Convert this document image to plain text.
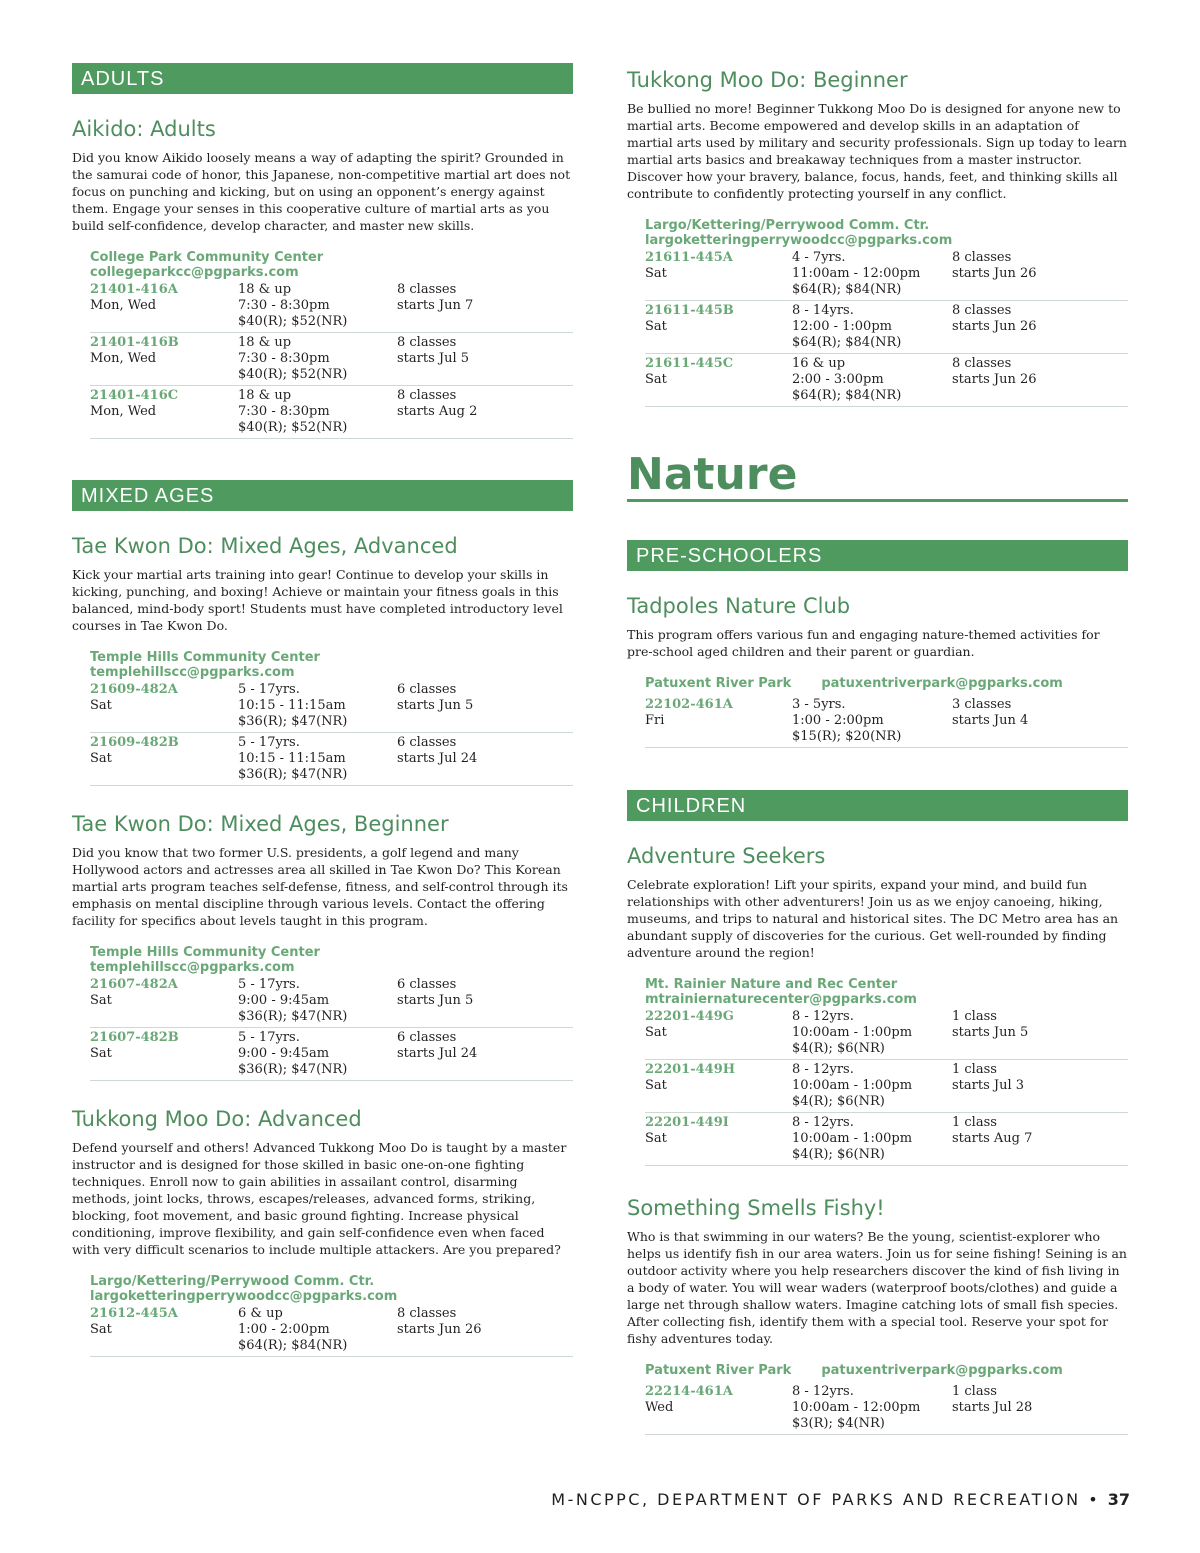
ADULTS
Aikido: Adults

Did you know Aikido loosely means a way of adapting the spirit? Grounded in the samurai code of honor, this Japanese, non-competitive martial art does not focus on punching and kicking, but on using an opponent’s energy against them. Engage your senses in this cooperative culture of martial arts as you build self-confidence, develop character, and master new skills.

College Park Community Center
collegeparkcc@pgparks.com
21401-416A
Mon, Wed
18 & up
7:30 - 8:30pm
$40(R); $52(NR)
8 classes
starts Jun 7
21401-416B
Mon, Wed
18 & up
7:30 - 8:30pm
$40(R); $52(NR)
8 classes
starts Jul 5
21401-416C
Mon, Wed
18 & up
7:30 - 8:30pm
$40(R); $52(NR)
8 classes
starts Aug 2
MIXED AGES
Tae Kwon Do: Mixed Ages, Advanced

Kick your martial arts training into gear! Continue to develop your skills in kicking, punching, and boxing! Achieve or maintain your fitness goals in this balanced, mind-body sport! Students must have completed introductory level courses in Tae Kwon Do.

Temple Hills Community Center
templehillscc@pgparks.com
21609-482A
Sat
5 - 17yrs.
10:15 - 11:15am
$36(R); $47(NR)
6 classes
starts Jun 5
21609-482B
Sat
5 - 17yrs.
10:15 - 11:15am
$36(R); $47(NR)
6 classes
starts Jul 24
Tae Kwon Do: Mixed Ages, Beginner

Did you know that two former U.S. presidents, a golf legend and many Hollywood actors and actresses area all skilled in Tae Kwon Do? This Korean martial arts program teaches self-defense, fitness, and self-control through its emphasis on mental discipline through various levels. Contact the offering facility for specifics about levels taught in this program.

Temple Hills Community Center
templehillscc@pgparks.com
21607-482A
Sat
5 - 17yrs.
9:00 - 9:45am
$36(R); $47(NR)
6 classes
starts Jun 5
21607-482B
Sat
5 - 17yrs.
9:00 - 9:45am
$36(R); $47(NR)
6 classes
starts Jul 24
Tukkong Moo Do: Advanced

Defend yourself and others! Advanced Tukkong Moo Do is taught by a master instructor and is designed for those skilled in basic one-on-one fighting techniques. Enroll now to gain abilities in assailant control, disarming methods, joint locks, throws, escapes/releases, advanced forms, striking, blocking, foot movement, and basic ground fighting. Increase physical conditioning, improve flexibility, and gain self-confidence even when faced with very difficult scenarios to include multiple attackers. Are you prepared?

Largo/Kettering/Perrywood Comm. Ctr.
largoketteringperrywoodcc@pgparks.com
21612-445A
Sat
6 & up
1:00 - 2:00pm
$64(R); $84(NR)
8 classes
starts Jun 26
Tukkong Moo Do: Beginner

Be bullied no more! Beginner Tukkong Moo Do is designed for anyone new to martial arts. Become empowered and develop skills in an adaptation of martial arts used by military and security professionals. Sign up today to learn martial arts basics and breakaway techniques from a master instructor. Discover how your bravery, balance, focus, hands, feet, and thinking skills all contribute to confidently protecting yourself in any conflict.

Largo/Kettering/Perrywood Comm. Ctr.
largoketteringperrywoodcc@pgparks.com
21611-445A
Sat
4 - 7yrs.
11:00am - 12:00pm
$64(R); $84(NR)
8 classes
starts Jun 26
21611-445B
Sat
8 - 14yrs.
12:00 - 1:00pm
$64(R); $84(NR)
8 classes
starts Jun 26
21611-445C
Sat
16 & up
2:00 - 3:00pm
$64(R); $84(NR)
8 classes
starts Jun 26
Nature
PRE-SCHOOLERS
Tadpoles Nature Club

This program offers various fun and engaging nature-themed activities for pre-school aged children and their parent or guardian.

Patuxent River Park patuxentriverpark@pgparks.com
22102-461A
Fri
3 - 5yrs.
1:00 - 2:00pm
$15(R); $20(NR)
3 classes
starts Jun 4
CHILDREN
Adventure Seekers

Celebrate exploration! Lift your spirits, expand your mind, and build fun relationships with other adventurers! Join us as we enjoy canoeing, hiking, museums, and trips to natural and historical sites. The DC Metro area has an abundant supply of discoveries for the curious. Get well-rounded by finding adventure around the region!

Mt. Rainier Nature and Rec Center
mtrainiernaturecenter@pgparks.com
22201-449G
Sat
8 - 12yrs.
10:00am - 1:00pm
$4(R); $6(NR)
1 class
starts Jun 5
22201-449H
Sat
8 - 12yrs.
10:00am - 1:00pm
$4(R); $6(NR)
1 class
starts Jul 3
22201-449I
Sat
8 - 12yrs.
10:00am - 1:00pm
$4(R); $6(NR)
1 class
starts Aug 7
Something Smells Fishy!

Who is that swimming in our waters? Be the young, scientist-explorer who helps us identify fish in our area waters. Join us for seine fishing! Seining is an outdoor activity where you help researchers discover the kind of fish living in a body of water. You will wear waders (waterproof boots/clothes) and guide a large net through shallow waters. Imagine catching lots of small fish species. After collecting fish, identify them with a special tool. Reserve your spot for fishy adventures today.

Patuxent River Park patuxentriverpark@pgparks.com
22214-461A
Wed
8 - 12yrs.
10:00am - 12:00pm
$3(R); $4(NR)
1 class
starts Jul 28
M-NCPPC, DEPARTMENT OF PARKS AND RECREATION • 37
